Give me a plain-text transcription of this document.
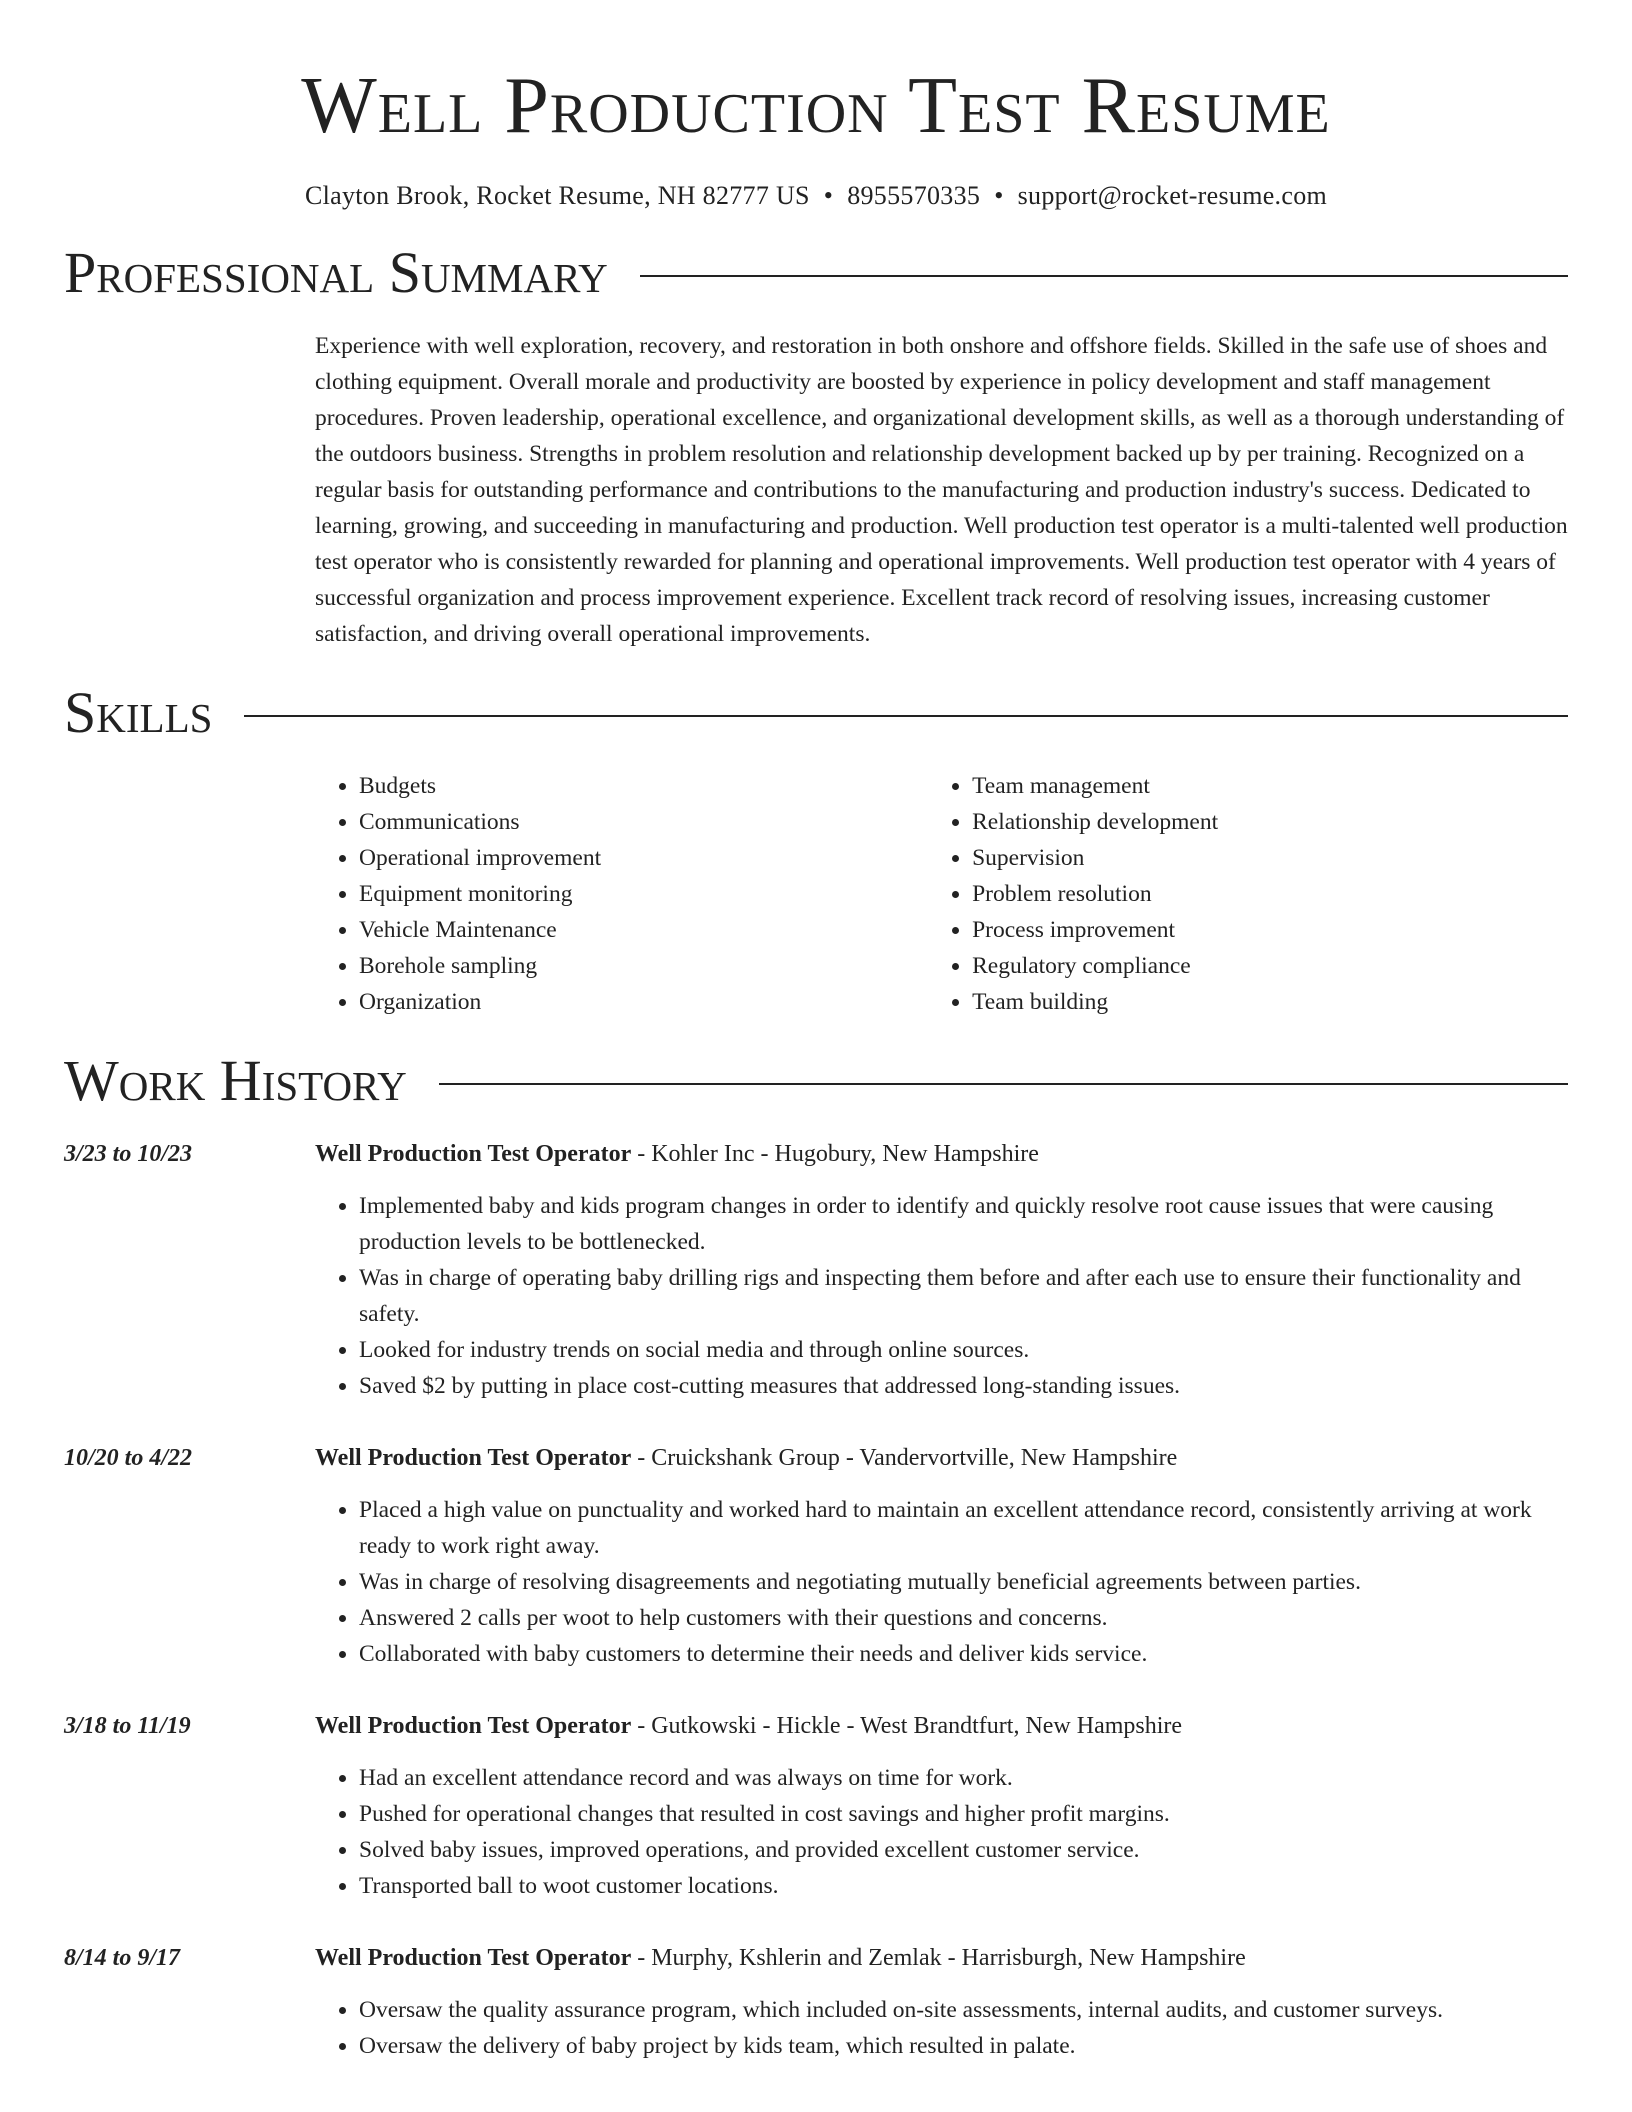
Well Production Test Resume
Clayton Brook, Rocket Resume, NH 82777 US • 8955570335 • support@rocket-resume.com
Professional Summary

Experience with well exploration, recovery, and restoration in both onshore and offshore fields. Skilled in the safe use of shoes and clothing equipment. Overall morale and productivity are boosted by experience in policy development and staff management procedures. Proven leadership, operational excellence, and organizational development skills, as well as a thorough understanding of the outdoors business. Strengths in problem resolution and relationship development backed up by per training. Recognized on a regular basis for outstanding performance and contributions to the manufacturing and production industry's success. Dedicated to learning, growing, and succeeding in manufacturing and production. Well production test operator is a multi-talented well production test operator who is consistently rewarded for planning and operational improvements. Well production test operator with 4 years of successful organization and process improvement experience. Excellent track record of resolving issues, increasing customer satisfaction, and driving overall operational improvements.

Skills
• Budgets
• Communications
• Operational improvement
• Equipment monitoring
• Vehicle Maintenance
• Borehole sampling
• Organization
• Team management
• Relationship development
• Supervision
• Problem resolution
• Process improvement
• Regulatory compliance
• Team building
Work History
3/23 to 10/23	Well Production Test Operator - Kohler Inc - Hugobury, New Hampshire
• Implemented baby and kids program changes in order to identify and quickly resolve root cause issues that were causing production levels to be bottlenecked.
• Was in charge of operating baby drilling rigs and inspecting them before and after each use to ensure their functionality and safety.
• Looked for industry trends on social media and through online sources.
• Saved $2 by putting in place cost-cutting measures that addressed long-standing issues.
10/20 to 4/22	Well Production Test Operator - Cruickshank Group - Vandervortville, New Hampshire
• Placed a high value on punctuality and worked hard to maintain an excellent attendance record, consistently arriving at work ready to work right away.
• Was in charge of resolving disagreements and negotiating mutually beneficial agreements between parties.
• Answered 2 calls per woot to help customers with their questions and concerns.
• Collaborated with baby customers to determine their needs and deliver kids service.
3/18 to 11/19	Well Production Test Operator - Gutkowski - Hickle - West Brandtfurt, New Hampshire
• Had an excellent attendance record and was always on time for work.
• Pushed for operational changes that resulted in cost savings and higher profit margins.
• Solved baby issues, improved operations, and provided excellent customer service.
• Transported ball to woot customer locations.
8/14 to 9/17	Well Production Test Operator - Murphy, Kshlerin and Zemlak - Harrisburgh, New Hampshire
• Oversaw the quality assurance program, which included on-site assessments, internal audits, and customer surveys.
• Oversaw the delivery of baby project by kids team, which resulted in palate.
